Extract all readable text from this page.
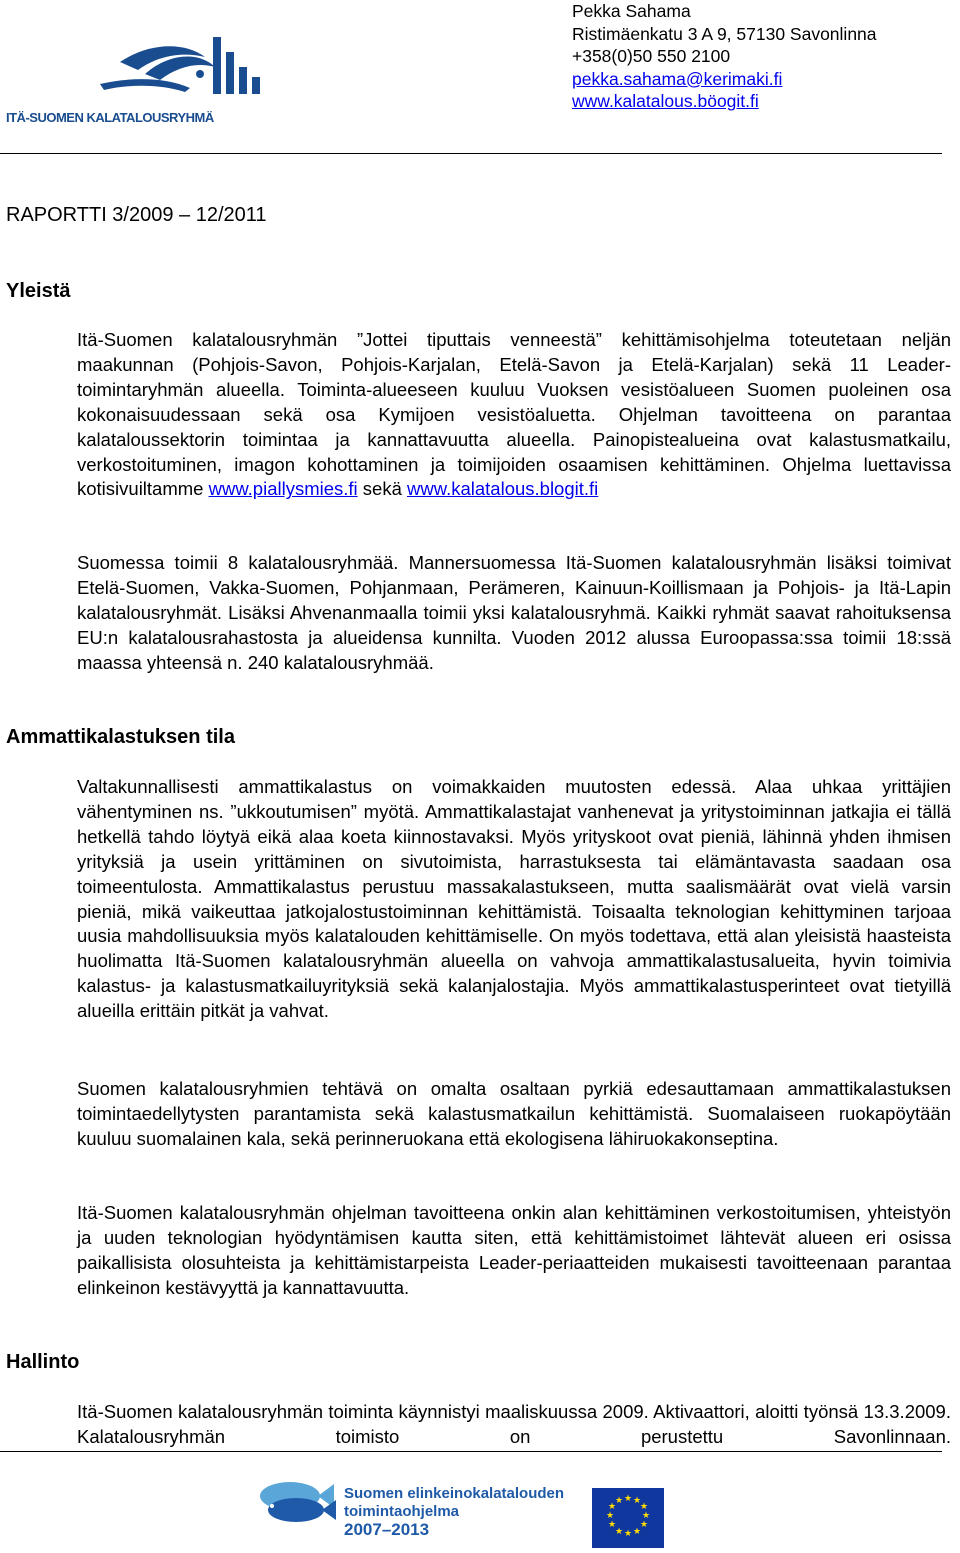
ITÄ-SUOMEN KALATALOUSRYHMÄ
Pekka Sahama
Ristimäenkatu 3 A 9, 57130 Savonlinna
+358(0)50 550 2100
pekka.sahama@kerimaki.fi
www.kalatalous.böogit.fi
RAPORTTI 3/2009 – 12/2011
Yleistä
Itä-Suomen kalatalousryhmän ”Jottei tiputtais venneestä” kehittämisohjelma toteutetaan neljän maakunnan (Pohjois-Savon, Pohjois-Karjalan, Etelä-Savon ja Etelä-Karjalan) sekä 11 Leader-toimintaryhmän alueella. Toiminta-alueeseen kuuluu Vuoksen vesistöalueen Suomen puoleinen osa kokonaisuudessaan sekä osa Kymijoen vesistöaluetta. Ohjelman tavoitteena on parantaa kalataloussektorin toimintaa ja kannattavuutta alueella. Painopistealueina ovat kalastusmatkailu, verkostoituminen, imagon kohottaminen ja toimijoiden osaamisen kehittäminen. Ohjelma luettavissa kotisivuiltamme www.piallysmies.fi sekä www.kalatalous.blogit.fi
Suomessa toimii 8 kalatalousryhmää. Mannersuomessa Itä-Suomen kalatalousryhmän lisäksi toimivat Etelä-Suomen, Vakka-Suomen, Pohjanmaan, Perämeren, Kainuun-Koillismaan ja Pohjois- ja Itä-Lapin kalatalousryhmät. Lisäksi Ahvenanmaalla toimii yksi kalatalousryhmä. Kaikki ryhmät saavat rahoituksensa EU:n kalatalousrahastosta ja alueidensa kunnilta. Vuoden 2012 alussa Euroopassa:ssa toimii 18:ssä maassa yhteensä n. 240 kalatalousryhmää.
Ammattikalastuksen tila
Valtakunnallisesti ammattikalastus on voimakkaiden muutosten edessä. Alaa uhkaa yrittäjien vähentyminen ns. ”ukkoutumisen” myötä. Ammattikalastajat vanhenevat ja yritystoiminnan jatkajia ei tällä hetkellä tahdo löytyä eikä alaa koeta kiinnostavaksi. Myös yrityskoot ovat pieniä, lähinnä yhden ihmisen yrityksiä ja usein yrittäminen on sivutoimista, harrastuksesta tai elämäntavasta saadaan osa toimeentulosta. Ammattikalastus perustuu massakalastukseen, mutta saalismäärät ovat vielä varsin pieniä, mikä vaikeuttaa jatkojalostustoiminnan kehittämistä. Toisaalta teknologian kehittyminen tarjoaa uusia mahdollisuuksia myös kalatalouden kehittämiselle. On myös todettava, että alan yleisistä haasteista huolimatta Itä-Suomen kalatalousryhmän alueella on vahvoja ammattikalastusalueita, hyvin toimivia kalastus- ja kalastusmatkailuyrityksiä sekä kalanjalostajia. Myös ammattikalastusperinteet ovat tietyillä alueilla erittäin pitkät ja vahvat.
Suomen kalatalousryhmien tehtävä on omalta osaltaan pyrkiä edesauttamaan ammattikalastuksen toimintaedellytysten parantamista sekä kalastusmatkailun kehittämistä. Suomalaiseen ruokapöytään kuuluu suomalainen kala, sekä perinneruokana että ekologisena lähiruokakonseptina.
Itä-Suomen kalatalousryhmän ohjelman tavoitteena onkin alan kehittäminen verkostoitumisen, yhteistyön ja uuden teknologian hyödyntämisen kautta siten, että kehittämistoimet lähtevät alueen eri osissa paikallisista olosuhteista ja kehittämistarpeista Leader-periaatteiden mukaisesti tavoitteenaan parantaa elinkeinon kestävyyttä ja kannattavuutta.
Hallinto
Itä-Suomen kalatalousryhmän toiminta käynnistyi maaliskuussa 2009. Aktivaattori, aloitti työnsä 13.3.2009. Kalatalousryhmän toimisto on perustettu Savonlinnaan.
Suomen elinkeinokalatalouden
toimintaohjelma
2007–2013
★ ★
★
★
★
★
★
★
★
★
★
★
